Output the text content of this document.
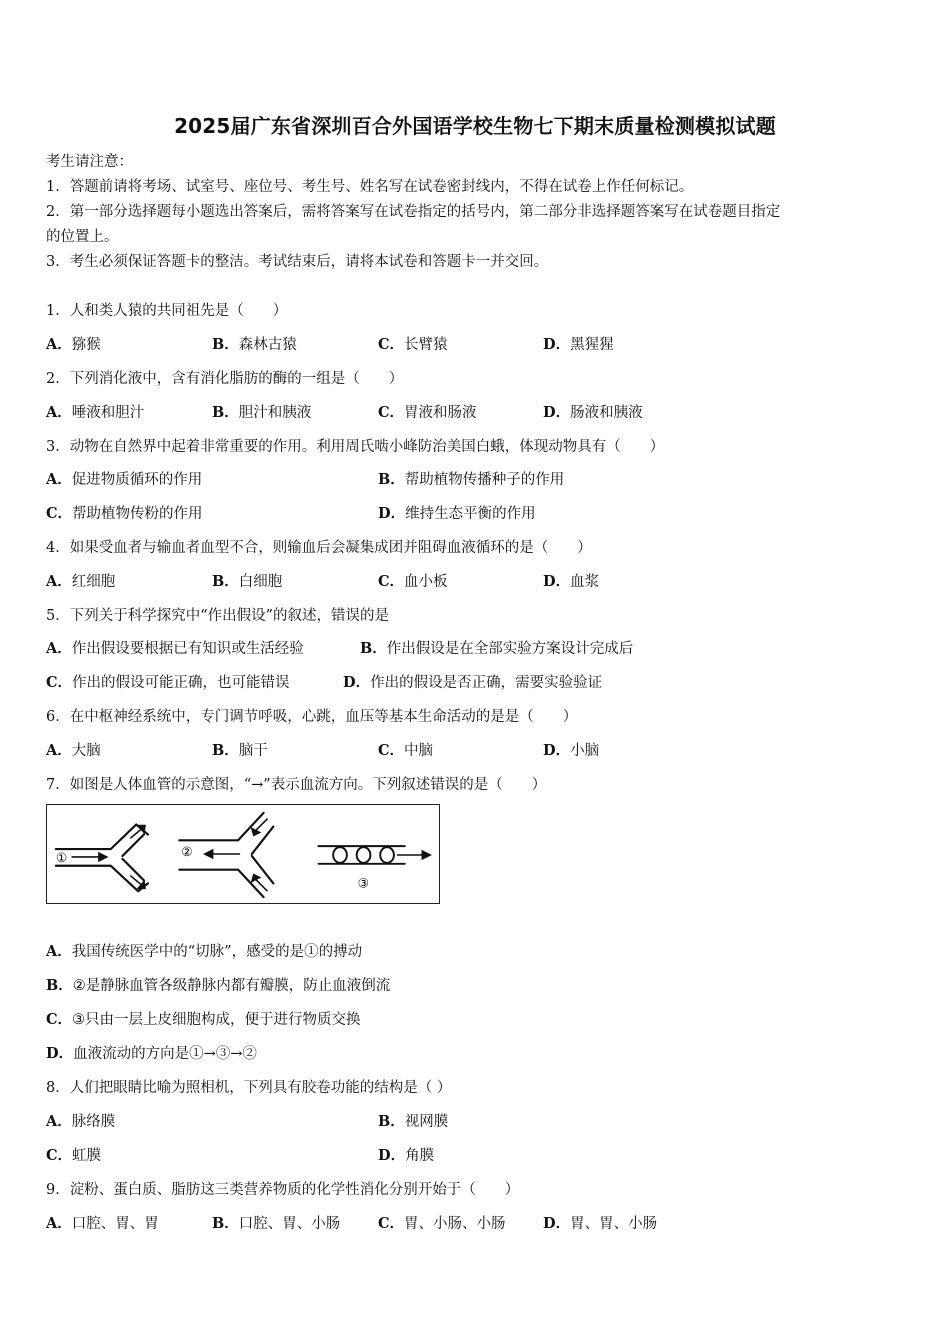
2025届广东省深圳百合外国语学校生物七下期末质量检测模拟试题
考生请注意：
1．答题前请将考场、试室号、座位号、考生号、姓名写在试卷密封线内，不得在试卷上作任何标记。
2．第一部分选择题每小题选出答案后，需将答案写在试卷指定的括号内，第二部分非选择题答案写在试卷题目指定
的位置上。
3．考生必须保证答题卡的整洁。考试结束后，请将本试卷和答题卡一并交回。
1．人和类人猿的共同祖先是（　　）
A．猕猴	B．森林古猿	C．长臂猿	D．黑猩猩
2．下列消化液中，含有消化脂肪的酶的一组是（　　）
A．唾液和胆汁	B．胆汁和胰液	C．胃液和肠液	D．肠液和胰液
3．动物在自然界中起着非常重要的作用。利用周氏啮小峰防治美国白蛾，体现动物具有（　　）
A．促进物质循环的作用	B．帮助植物传播种子的作用
C．帮助植物传粉的作用	D．维持生态平衡的作用
4．如果受血者与输血者血型不合，则输血后会凝集成团并阻碍血液循环的是（　　）
A．红细胞	B．白细胞	C．血小板	D．血浆
5．下列关于科学探究中“作出假设”的叙述，错误的是
A．作出假设要根据已有知识或生活经验	B．作出假设是在全部实验方案设计完成后
C．作出的假设可能正确，也可能错误	D．作出的假设是否正确，需要实验验证
6．在中枢神经系统中，专门调节呼吸，心跳，血压等基本生命活动的是是（　　）
A．大脑	B．脑干	C．中脑	D．小脑
7．如图是人体血管的示意图，“→”表示血流方向。下列叙述错误的是（　　）
①	②
③
A．我国传统医学中的“切脉”，感受的是①的搏动
B．②是静脉血管各级静脉内都有瓣膜，防止血液倒流
C．③只由一层上皮细胞构成，便于进行物质交换
D．血液流动的方向是①→③→②
8．人们把眼睛比喻为照相机，下列具有胶卷功能的结构是（ ）
A．脉络膜	B．视网膜
C．虹膜	D．角膜
9．淀粉、蛋白质、脂肪这三类营养物质的化学性消化分别开始于（　　）
A．口腔、胃、胃	B．口腔、胃、小肠	C．胃、小肠、小肠	D．胃、胃、小肠
